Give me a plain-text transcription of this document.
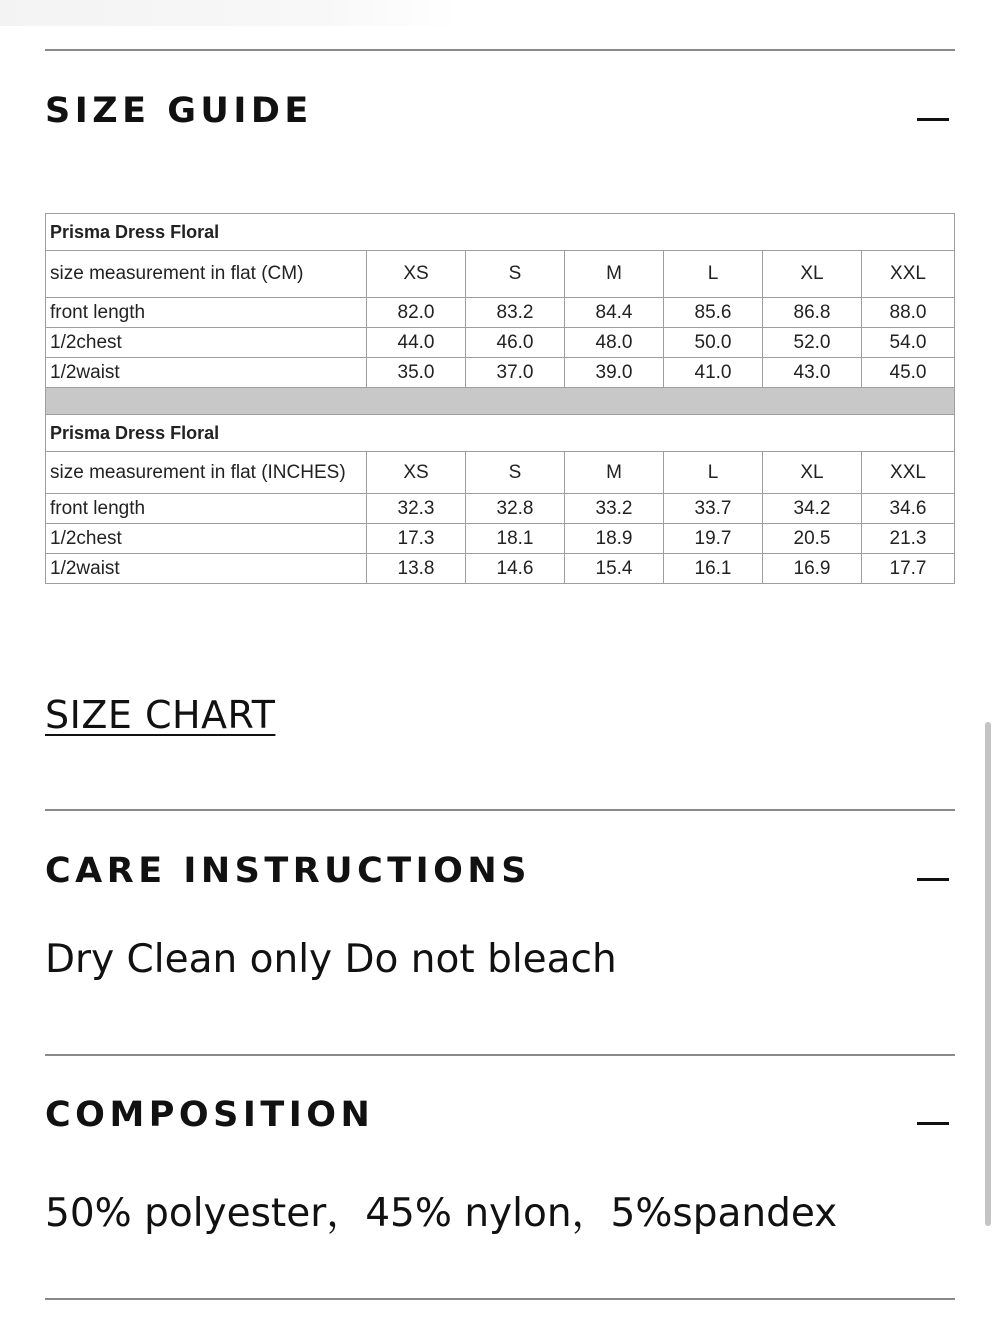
SIZE GUIDE
Prisma Dress Floral						
size measurement in flat (CM)	XS	S	M	L	XL	XXL
front length	82.0	83.2	84.4	85.6	86.8	88.0
1/2chest	44.0	46.0	48.0	50.0	52.0	54.0
1/2waist	35.0	37.0	39.0	41.0	43.0	45.0

Prisma Dress Floral						
size measurement in flat (INCHES)	XS	S	M	L	XL	XXL
front length	32.3	32.8	33.2	33.7	34.2	34.6
1/2chest	17.3	18.1	18.9	19.7	20.5	21.3
1/2waist	13.8	14.6	15.4	16.1	16.9	17.7
SIZE CHART
CARE INSTRUCTIONS
Dry Clean only Do not bleach
COMPOSITION
50% polyester，45% nylon，5%spandex
